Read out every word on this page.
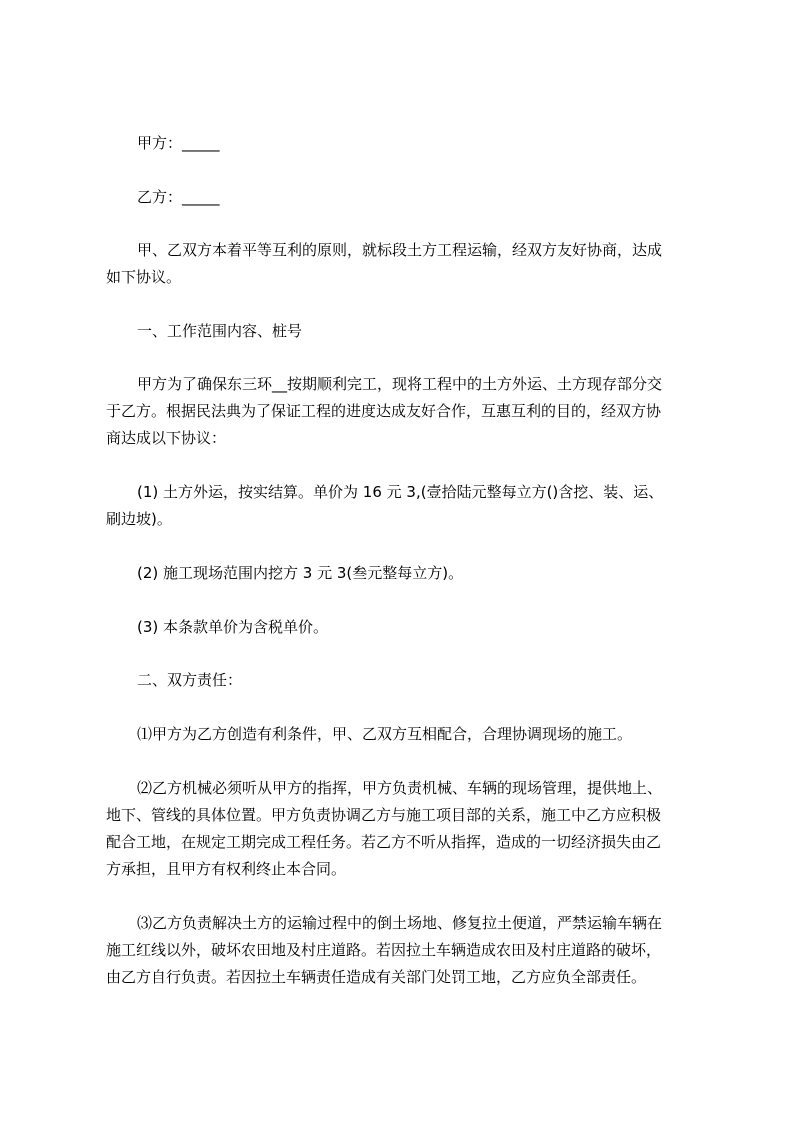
甲方：_____
乙方：_____
甲、乙双方本着平等互利的原则，就标段土方工程运输，经双方友好协商，达成
如下协议。
一、工作范围内容、桩号
甲方为了确保东三环__按期顺利完工，现将工程中的土方外运、土方现存部分交
于乙方。根据民法典为了保证工程的进度达成友好合作，互惠互利的目的，经双方协
商达成以下协议：
(1) 土方外运，按实结算。单价为 16 元 3,(壹拾陆元整每立方()含挖、装、运、
刷边坡)。
(2) 施工现场范围内挖方 3 元 3(叁元整每立方)。
(3) 本条款单价为含税单价。
二、双方责任：
⑴甲方为乙方创造有利条件，甲、乙双方互相配合，合理协调现场的施工。
⑵乙方机械必须听从甲方的指挥，甲方负责机械、车辆的现场管理，提供地上、
地下、管线的具体位置。甲方负责协调乙方与施工项目部的关系，施工中乙方应积极
配合工地，在规定工期完成工程任务。若乙方不听从指挥，造成的一切经济损失由乙
方承担，且甲方有权利终止本合同。
⑶乙方负责解决土方的运输过程中的倒土场地、修复拉土便道，严禁运输车辆在
施工红线以外，破坏农田地及村庄道路。若因拉土车辆造成农田及村庄道路的破坏，
由乙方自行负责。若因拉土车辆责任造成有关部门处罚工地，乙方应负全部责任。
